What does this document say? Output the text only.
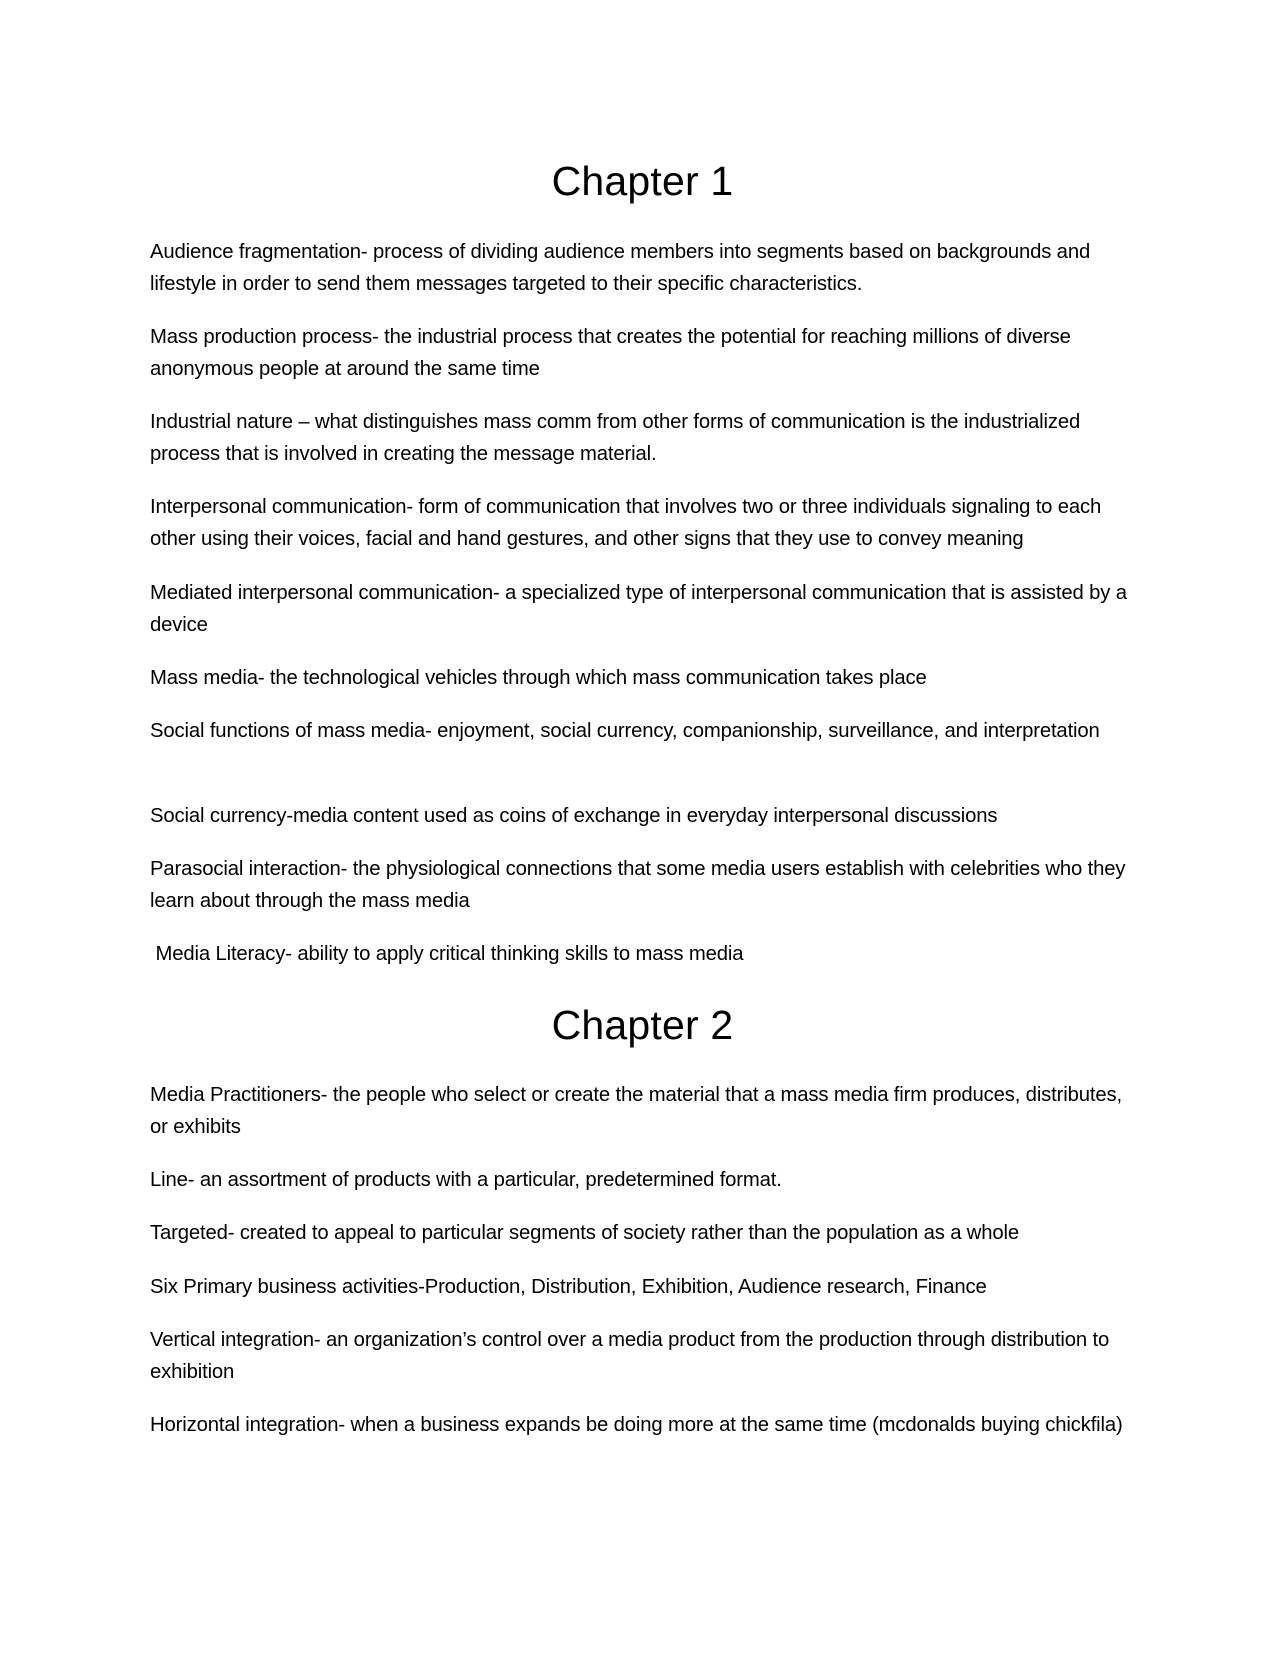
Chapter 1

Audience fragmentation- process of dividing audience members into segments based on backgrounds and lifestyle in order to send them messages targeted to their specific characteristics.

Mass production process- the industrial process that creates the potential for reaching millions of diverse anonymous people at around the same time

Industrial nature – what distinguishes mass comm from other forms of communication is the industrialized process that is involved in creating the message material.

Interpersonal communication- form of communication that involves two or three individuals signaling to each other using their voices, facial and hand gestures, and other signs that they use to convey meaning

Mediated interpersonal communication- a specialized type of interpersonal communication that is assisted by a device

Mass media- the technological vehicles through which mass communication takes place

Social functions of mass media- enjoyment, social currency, companionship, surveillance, and interpretation

Social currency-media content used as coins of exchange in everyday interpersonal discussions

Parasocial interaction- the physiological connections that some media users establish with celebrities who they learn about through the mass media

Media Literacy- ability to apply critical thinking skills to mass media

Chapter 2

Media Practitioners- the people who select or create the material that a mass media firm produces, distributes, or exhibits

Line- an assortment of products with a particular, predetermined format.

Targeted- created to appeal to particular segments of society rather than the population as a whole

Six Primary business activities-Production, Distribution, Exhibition, Audience research, Finance

Vertical integration- an organization’s control over a media product from the production through distribution to exhibition

Horizontal integration- when a business expands be doing more at the same time (mcdonalds buying chickfila)
